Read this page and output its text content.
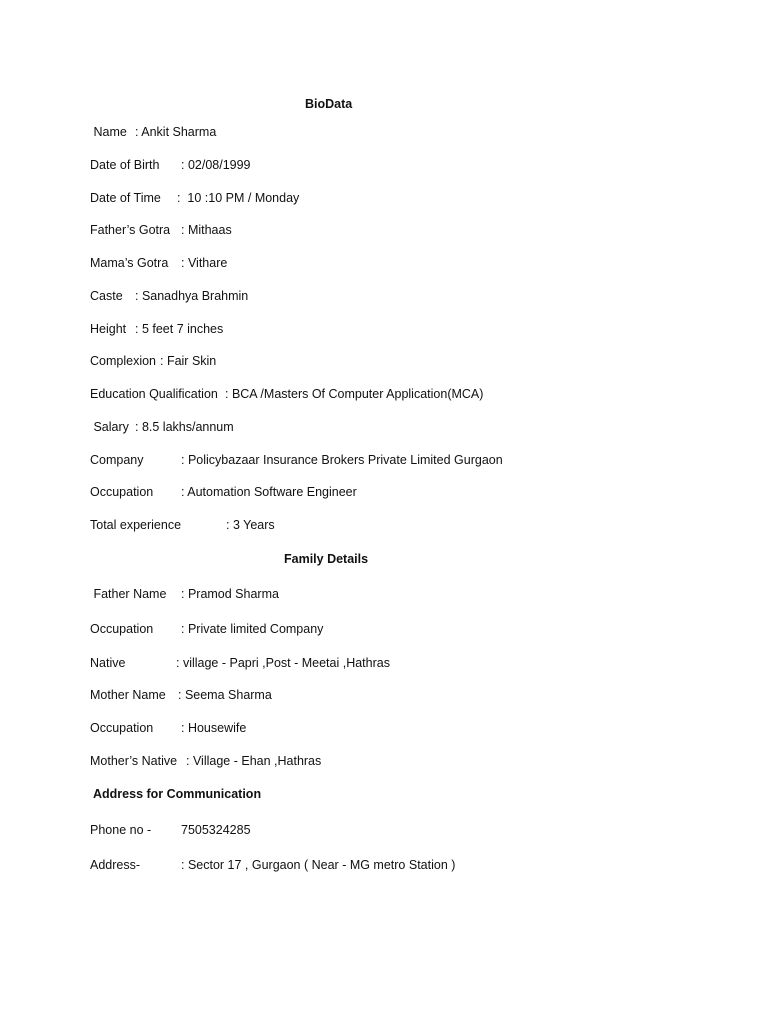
BioData
Name : Ankit Sharma
Date of Birth : 02/08/1999
Date of Time :  10 :10 PM / Monday
Father’s Gotra : Mithaas
Mama’s Gotra : Vithare
Caste : Sanadhya Brahmin
Height : 5 feet 7 inches
Complexion : Fair Skin
Education Qualification : BCA /Masters Of Computer Application(MCA)
Salary : 8.5 lakhs/annum
Company	: Policybazaar Insurance Brokers Private Limited Gurgaon
Occupation : Automation Software Engineer
Total experience	: 3 Years
Family Details
Father Name : Pramod Sharma
Occupation : Private limited Company
Native	: village - Papri ,Post - Meetai ,Hathras
Mother Name : Seema Sharma
Occupation : Housewife
Mother’s Native : Village - Ehan ,Hathras
Address for Communication
Phone no - 7505324285
Address-	: Sector 17 , Gurgaon ( Near - MG metro Station )
